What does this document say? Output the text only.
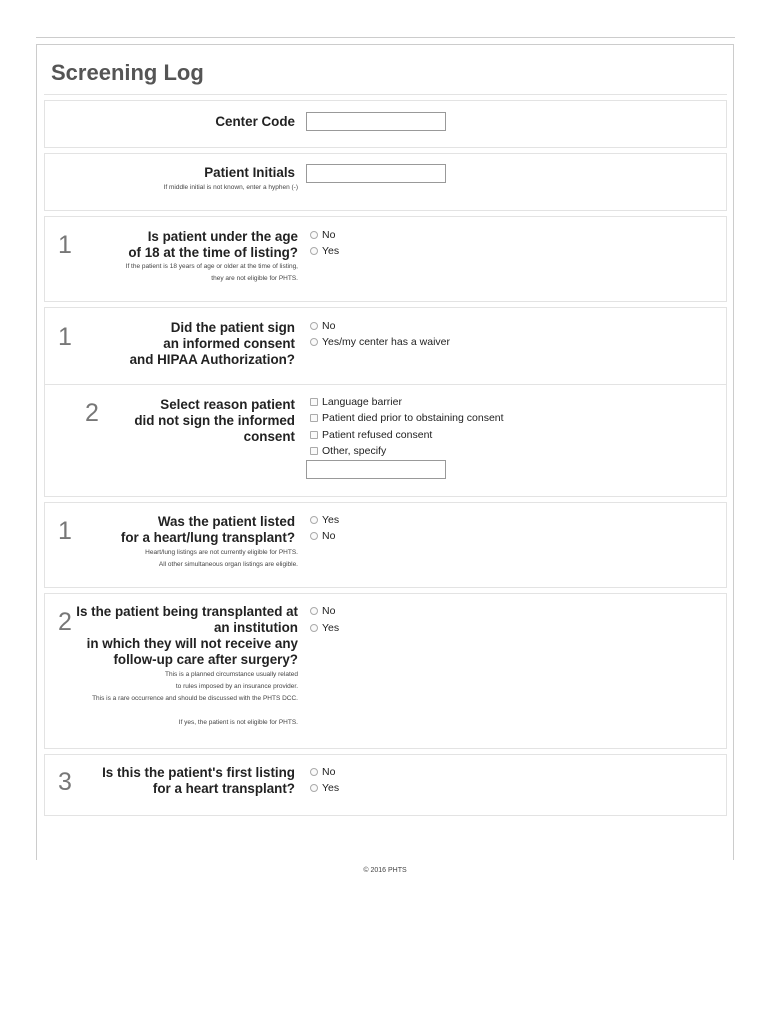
Screening Log
Center Code
Patient Initials
If middle initial is not known, enter a hyphen (-)
1	Is patient under the age
of 18 at the time of listing?
If the patient is 18 years of age or older at the time of listing,
they are not eligible for PHTS.
No
Yes
1	Did the patient sign
an informed consent
and HIPAA Authorization?
No
Yes/my center has a waiver
2	Select reason patient
did not sign the informed
consent
Language barrier
Patient died prior to obstaining consent
Patient refused consent
Other, specify
1	Was the patient listed
for a heart/lung transplant?
Heart/lung listings are not currently eligible for PHTS.
All other simultaneous organ listings are eligible.
Yes
No
2 Is the patient being transplanted at
an institution
in which they will not receive any
follow-up care after surgery?
This is a planned circumstance usually related
to rules imposed by an insurance provider.
This is a rare occurrence and should be discussed with the PHTS DCC.

If yes, the patient is not eligible for PHTS.
No
Yes
3	Is this the patient's first listing
for a heart transplant?
No
Yes
© 2016 PHTS
